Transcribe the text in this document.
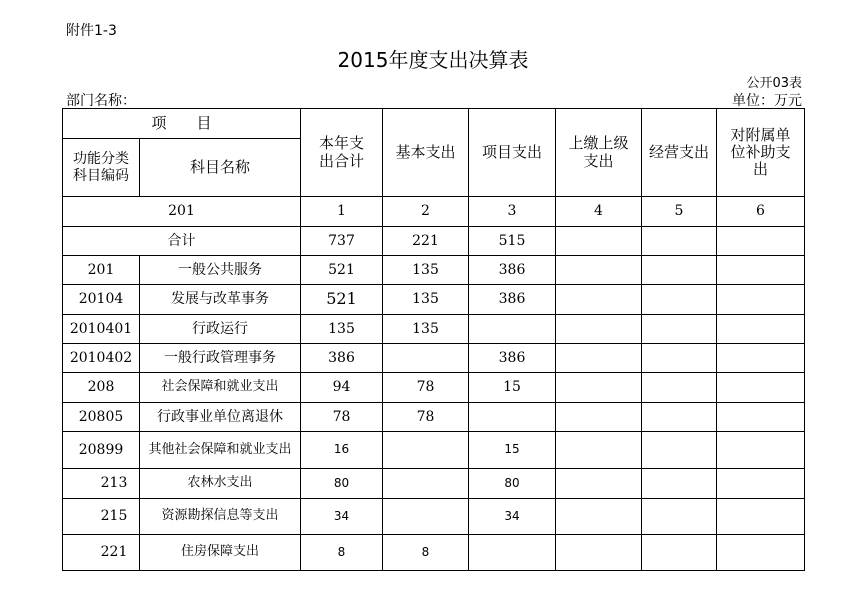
附件1-3
2015年度支出决算表
公开03表
部门名称：	单位：万元
项　　目		本年支出合计	基本支出	项目支出	上缴上级支出	经营支出	对附属单位补助支出

功能分类科目编码	科目名称						
201		1	2	3	4	5	6
合计		737	221	515			
201	一般公共服务	521	135	386			
20104	发展与改革事务	521	135	386			
2010401	行政运行	135	135				
2010402	一般行政管理事务	386		386			
208	社会保障和就业支出	94	78	15			
20805	行政事业单位离退休	78	78				
20899	其他社会保障和就业支出	16		15			
213	农林水支出	80		80			
215	资源勘探信息等支出	34		34			
221	住房保障支出	8	8				
